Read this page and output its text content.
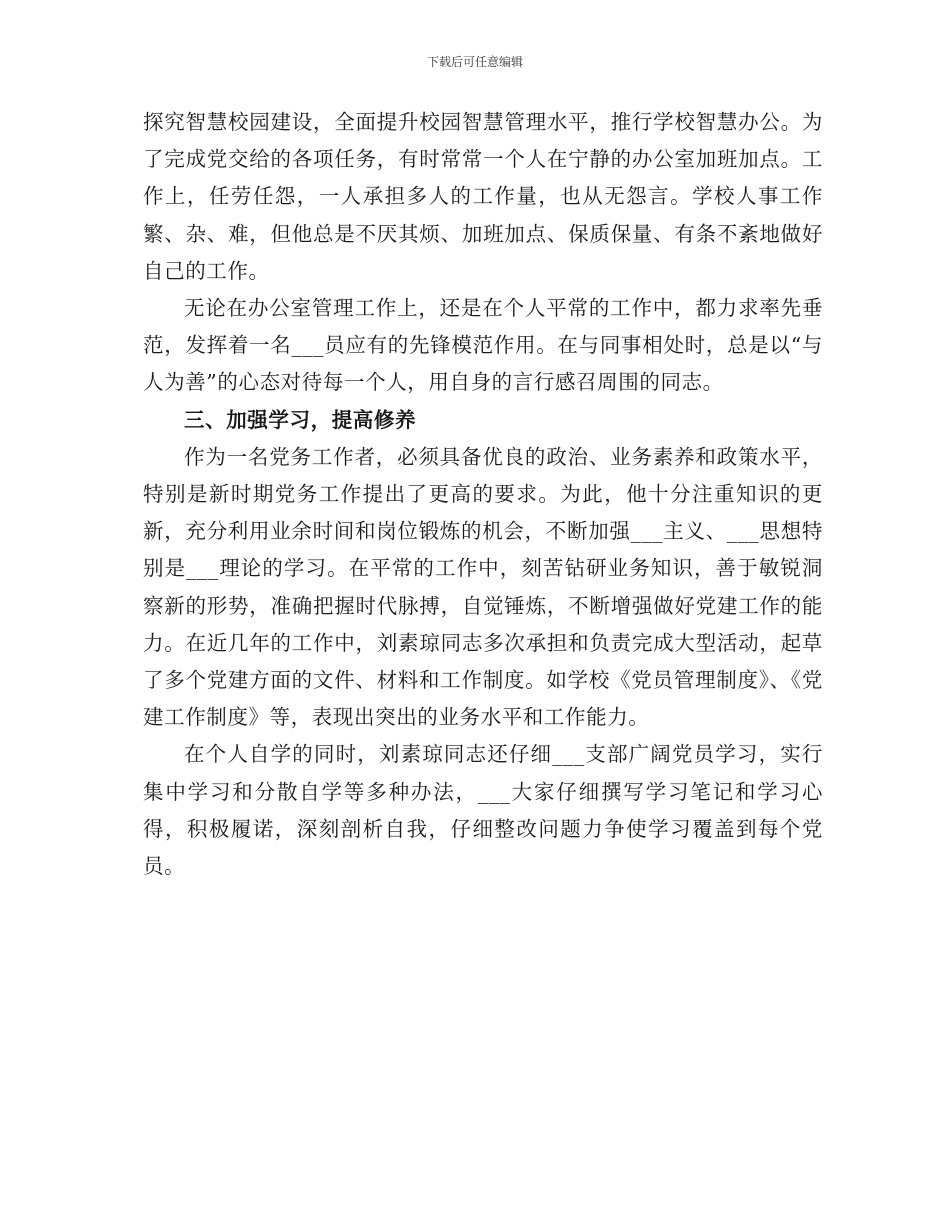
下载后可任意编辑

探究智慧校园建设，全面提升校园智慧管理水平，推行学校智慧办公。为了完成党交给的各项任务，有时常常一个人在宁静的办公室加班加点。工作上，任劳任怨，一人承担多人的工作量，也从无怨言。学校人事工作繁、杂、难，但他总是不厌其烦、加班加点、保质保量、有条不紊地做好自己的工作。

无论在办公室管理工作上，还是在个人平常的工作中，都力求率先垂范，发挥着一名___员应有的先锋模范作用。在与同事相处时，总是以“与人为善”的心态对待每一个人，用自身的言行感召周围的同志。

三、加强学习，提高修养

作为一名党务工作者，必须具备优良的政治、业务素养和政策水平，特别是新时期党务工作提出了更高的要求。为此，他十分注重知识的更新，充分利用业余时间和岗位锻炼的机会，不断加强___主义、___思想特别是___理论的学习。在平常的工作中，刻苦钻研业务知识，善于敏锐洞察新的形势，准确把握时代脉搏，自觉锤炼，不断增强做好党建工作的能力。在近几年的工作中，刘素琼同志多次承担和负责完成大型活动，起草了多个党建方面的文件、材料和工作制度。如学校《党员管理制度》、《党建工作制度》等，表现出突出的业务水平和工作能力。

在个人自学的同时，刘素琼同志还仔细___支部广阔党员学习，实行集中学习和分散自学等多种办法，___大家仔细撰写学习笔记和学习心得，积极履诺，深刻剖析自我，仔细整改问题力争使学习覆盖到每个党员。
